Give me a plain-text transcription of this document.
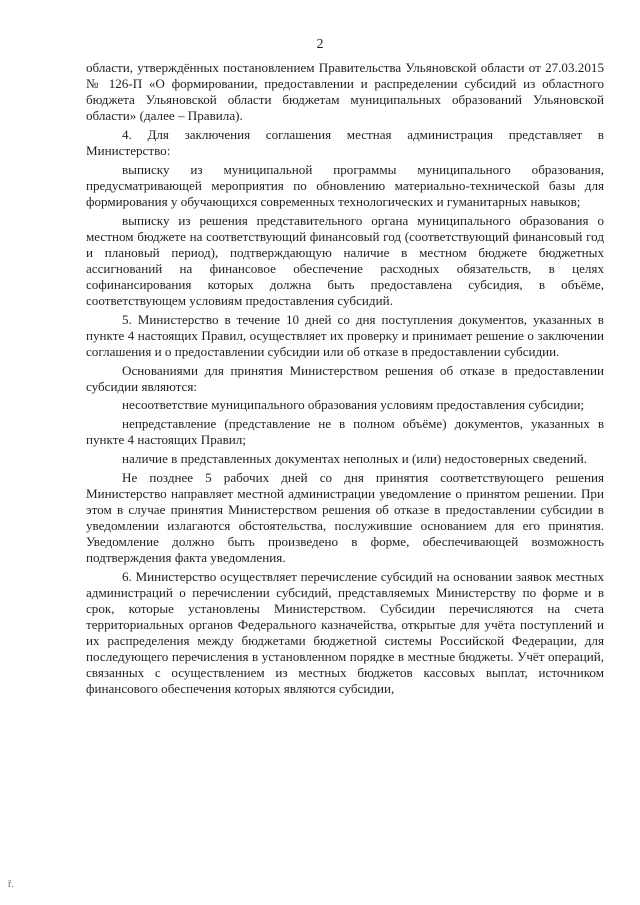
2

области, утверждённых постановлением Правительства Ульяновской области от 27.03.2015 № 126-П «О формировании, предоставлении и распределении субсидий из областного бюджета Ульяновской области бюджетам муниципальных образований Ульяновской области» (далее – Правила).

4. Для заключения соглашения местная администрация представляет в Министерство:

выписку из муниципальной программы муниципального образования, предусматривающей мероприятия по обновлению материально-технической базы для формирования у обучающихся современных технологических и гуманитарных навыков;

выписку из решения представительного органа муниципального образования о местном бюджете на соответствующий финансовый год (соответствующий финансовый год и плановый период), подтверждающую наличие в местном бюджете бюджетных ассигнований на финансовое обеспечение расходных обязательств, в целях софинансирования которых должна быть предоставлена субсидия, в объёме, соответствующем условиям предоставления субсидий.

5. Министерство в течение 10 дней со дня поступления документов, указанных в пункте 4 настоящих Правил, осуществляет их проверку и принимает решение о заключении соглашения и о предоставлении субсидии или об отказе в предоставлении субсидии.

Основаниями для принятия Министерством решения об отказе в предоставлении субсидии являются:

несоответствие муниципального образования условиям предоставления субсидии;

непредставление (представление не в полном объёме) документов, указанных в пункте 4 настоящих Правил;

наличие в представленных документах неполных и (или) недостоверных сведений.

Не позднее 5 рабочих дней со дня принятия соответствующего решения Министерство направляет местной администрации уведомление о принятом решении. При этом в случае принятия Министерством решения об отказе в предоставлении субсидии в уведомлении излагаются обстоятельства, послужившие основанием для его принятия. Уведомление должно быть произведено в форме, обеспечивающей возможность подтверждения факта уведомления.

6. Министерство осуществляет перечисление субсидий на основании заявок местных администраций о перечислении субсидий, представляемых Министерству по форме и в срок, которые установлены Министерством. Субсидии перечисляются на счета территориальных органов Федерального казначейства, открытые для учёта поступлений и их распределения между бюджетами бюджетной системы Российской Федерации, для последующего перечисления в установленном порядке в местные бюджеты. Учёт операций, связанных с осуществлением из местных бюджетов кассовых выплат, источником финансового обеспечения которых являются субсидии,

ř.
